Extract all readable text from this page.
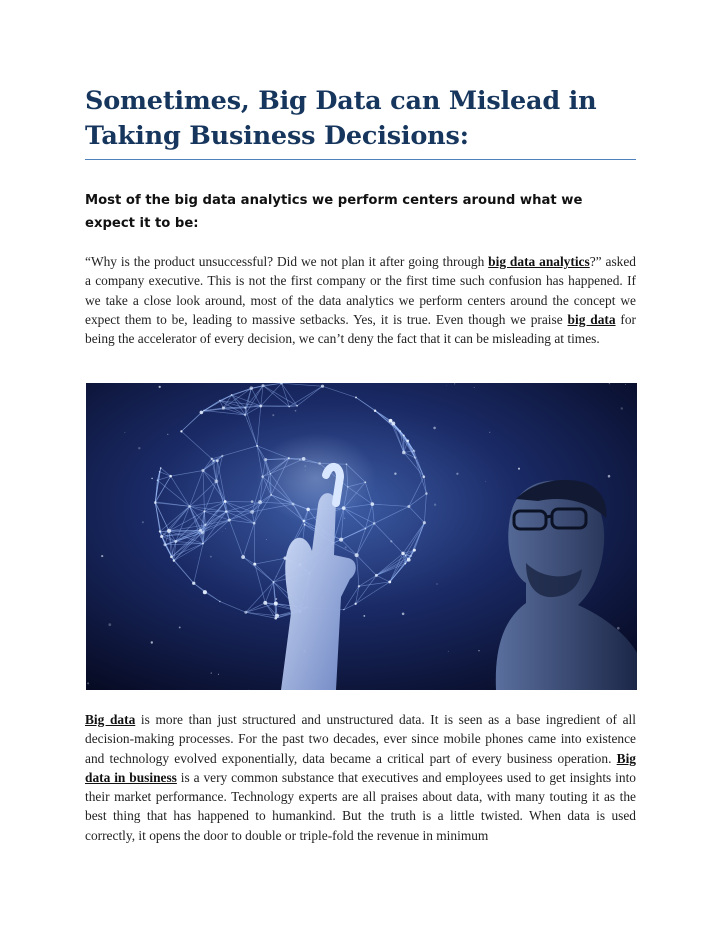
Sometimes, Big Data can Mislead in Taking Business Decisions:
Most of the big data analytics we perform centers around what we expect it to be:

“Why is the product unsuccessful? Did we not plan it after going through big data analytics?” asked a company executive. This is not the first company or the first time such confusion has happened. If we take a close look around, most of the data analytics we perform centers around the concept we expect them to be, leading to massive setbacks. Yes, it is true. Even though we praise big data for being the accelerator of every decision, we can’t deny the fact that it can be misleading at times.

Big data is more than just structured and unstructured data. It is seen as a base ingredient of all decision-making processes. For the past two decades, ever since mobile phones came into existence and technology evolved exponentially, data became a critical part of every business operation. Big data in business is a very common substance that executives and employees used to get insights into their market performance. Technology experts are all praises about data, with many touting it as the best thing that has happened to humankind. But the truth is a little twisted. When data is used correctly, it opens the door to double or triple-fold the revenue in minimum
